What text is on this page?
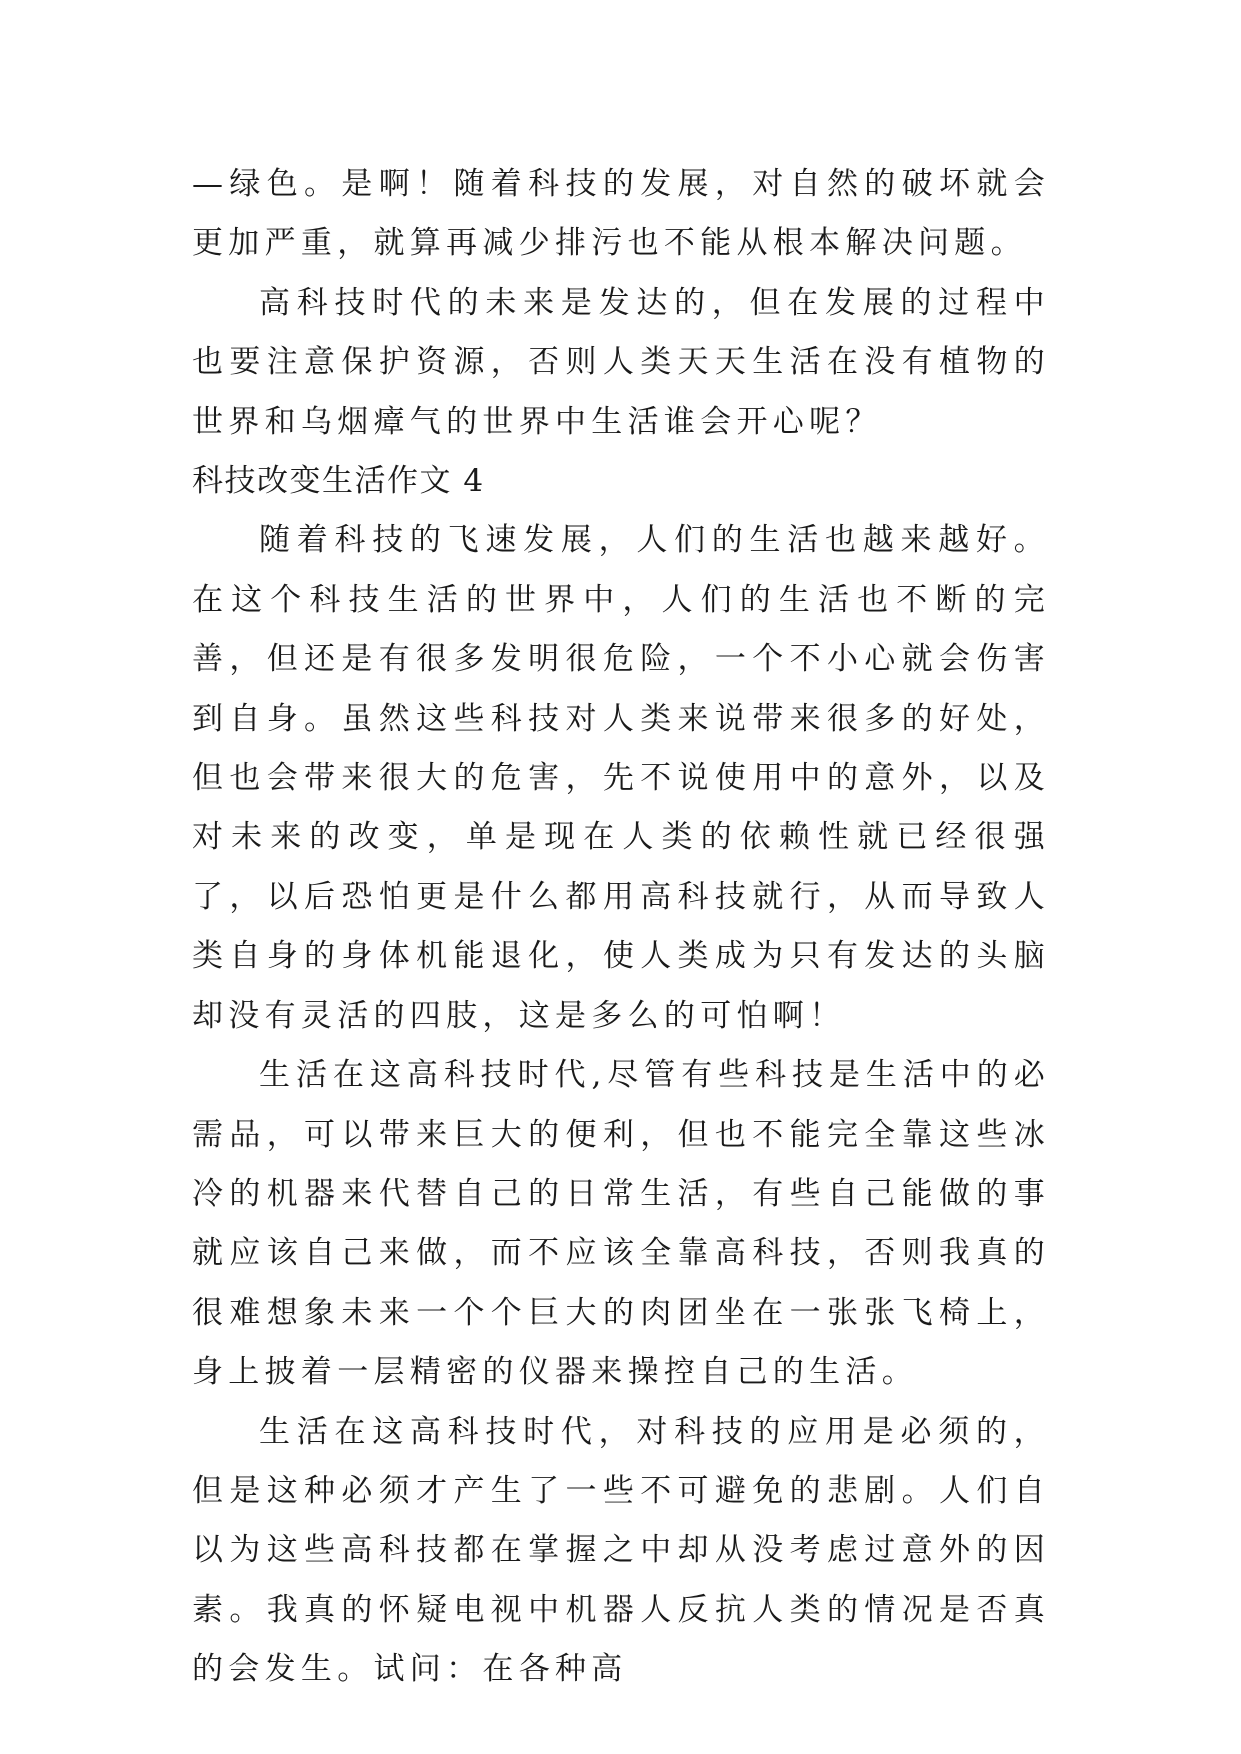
—绿色。是啊！随着科技的发展，对自然的破坏就会更加严重，就算再减少排污也不能从根本解决问题。

高科技时代的未来是发达的，但在发展的过程中也要注意保护资源，否则人类天天生活在没有植物的世界和乌烟瘴气的世界中生活谁会开心呢？

科技改变生活作文 4

随着科技的飞速发展，人们的生活也越来越好。在这个科技生活的世界中，人们的生活也不断的完善，但还是有很多发明很危险，一个不小心就会伤害到自身。虽然这些科技对人类来说带来很多的好处，但也会带来很大的危害，先不说使用中的意外，以及对未来的改变，单是现在人类的依赖性就已经很强了，以后恐怕更是什么都用高科技就行，从而导致人类自身的身体机能退化，使人类成为只有发达的头脑却没有灵活的四肢，这是多么的可怕啊！

生活在这高科技时代,尽管有些科技是生活中的必需品，可以带来巨大的便利，但也不能完全靠这些冰冷的机器来代替自己的日常生活，有些自己能做的事就应该自己来做，而不应该全靠高科技，否则我真的很难想象未来一个个巨大的肉团坐在一张张飞椅上，身上披着一层精密的仪器来操控自己的生活。

生活在这高科技时代，对科技的应用是必须的，但是这种必须才产生了一些不可避免的悲剧。人们自以为这些高科技都在掌握之中却从没考虑过意外的因素。我真的怀疑电视中机器人反抗人类的情况是否真的会发生。试问：在各种高
